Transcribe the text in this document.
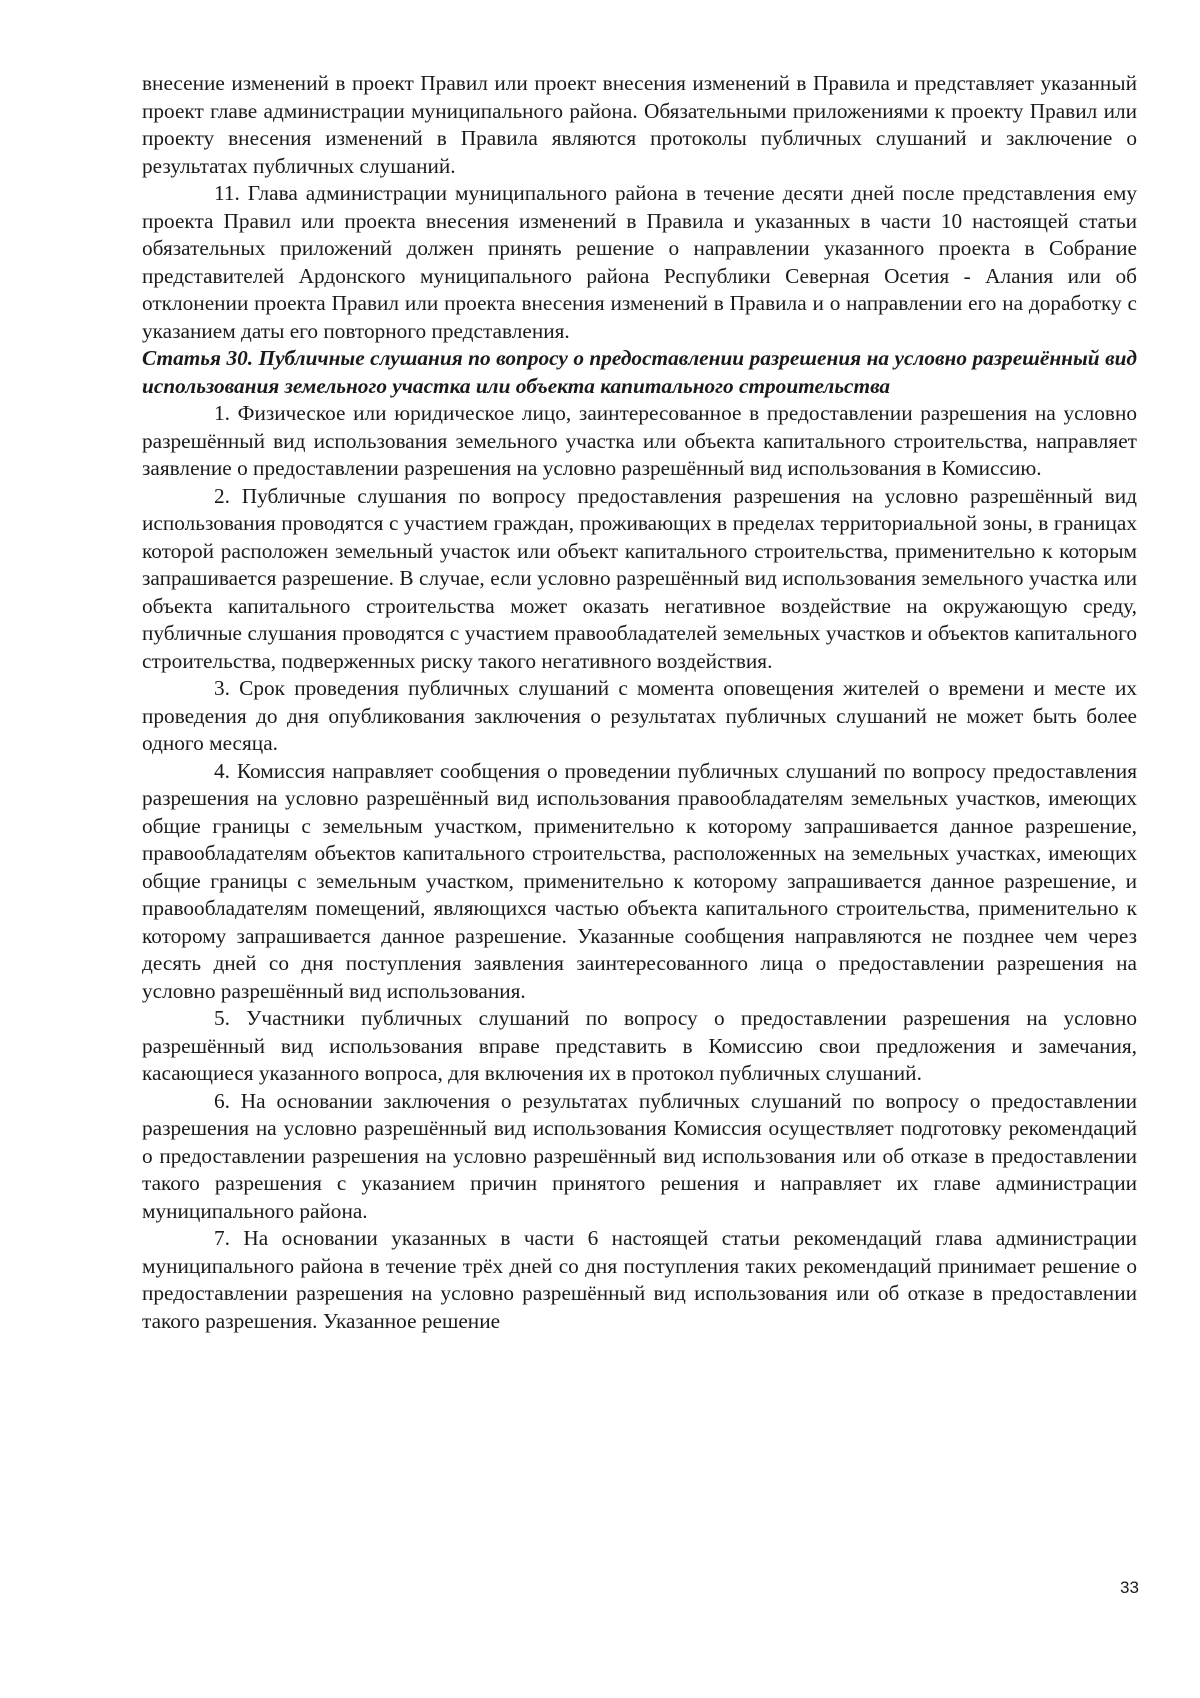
внесение изменений в проект Правил или проект внесения изменений в Правила и представляет указанный проект главе администрации муниципального района. Обязательными приложениями к проекту Правил или проекту внесения изменений в Правила являются протоколы публичных слушаний и заключение о результатах публичных слушаний.

11. Глава администрации муниципального района в течение десяти дней после представления ему проекта Правил или проекта внесения изменений в Правила и указанных в части 10 настоящей статьи обязательных приложений должен принять решение о направлении указанного проекта в Собрание представителей Ардонского муниципального района Республики Северная Осетия - Алания или об отклонении проекта Правил или проекта внесения изменений в Правила и о направлении его на доработку с указанием даты его повторного представления.

Статья 30. Публичные слушания по вопросу о предоставлении разрешения на условно разрешённый вид использования земельного участка или объекта капитального строительства

1. Физическое или юридическое лицо, заинтересованное в предоставлении разрешения на условно разрешённый вид использования земельного участка или объекта капитального строительства, направляет заявление о предоставлении разрешения на условно разрешённый вид использования в Комиссию.

2. Публичные слушания по вопросу предоставления разрешения на условно разрешённый вид использования проводятся с участием граждан, проживающих в пределах территориальной зоны, в границах которой расположен земельный участок или объект капитального строительства, применительно к которым запрашивается разрешение. В случае, если условно разрешённый вид использования земельного участка или объекта капитального строительства может оказать негативное воздействие на окружающую среду, публичные слушания проводятся с участием правообладателей земельных участков и объектов капитального строительства, подверженных риску такого негативного воздействия.

3. Срок проведения публичных слушаний с момента оповещения жителей о времени и месте их проведения до дня опубликования заключения о результатах публичных слушаний не может быть более одного месяца.

4. Комиссия направляет сообщения о проведении публичных слушаний по вопросу предоставления разрешения на условно разрешённый вид использования правообладателям земельных участков, имеющих общие границы с земельным участком, применительно к которому запрашивается данное разрешение, правообладателям объектов капитального строительства, расположенных на земельных участках, имеющих общие границы с земельным участком, применительно к которому запрашивается данное разрешение, и правообладателям помещений, являющихся частью объекта капитального строительства, применительно к которому запрашивается данное разрешение. Указанные сообщения направляются не позднее чем через десять дней со дня поступления заявления заинтересованного лица о предоставлении разрешения на условно разрешённый вид использования.

5. Участники публичных слушаний по вопросу о предоставлении разрешения на условно разрешённый вид использования вправе представить в Комиссию свои предложения и замечания, касающиеся указанного вопроса, для включения их в протокол публичных слушаний.

6. На основании заключения о результатах публичных слушаний по вопросу о предоставлении разрешения на условно разрешённый вид использования Комиссия осуществляет подготовку рекомендаций о предоставлении разрешения на условно разрешённый вид использования или об отказе в предоставлении такого разрешения с указанием причин принятого решения и направляет их главе администрации муниципального района.

7. На основании указанных в части 6 настоящей статьи рекомендаций глава администрации муниципального района в течение трёх дней со дня поступления таких рекомендаций принимает решение о предоставлении разрешения на условно разрешённый вид использования или об отказе в предоставлении такого разрешения. Указанное решение

33
